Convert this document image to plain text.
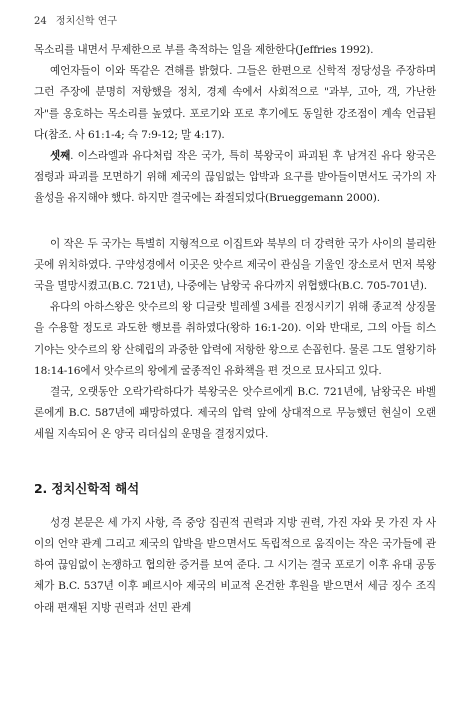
24 정치신학 연구

목소리를 내면서 무제한으로 부를 축적하는 일을 제한한다(Jeffries 1992).

예언자들이 이와 똑같은 견해를 밝혔다. 그들은 한편으로 신학적 정당성을 주장하며 그런 주장에 분명히 저항했을 정치, 경제 속에서 사회적으로 "과부, 고아, 객, 가난한 자"를 옹호하는 목소리를 높였다. 포로기와 포로 후기에도 동일한 강조점이 계속 언급된다(참조. 사 61:1-4; 슥 7:9-12; 말 4:17).

셋째. 이스라엘과 유다처럼 작은 국가, 특히 북왕국이 파괴된 후 남겨진 유다 왕국은 점령과 파괴를 모면하기 위해 제국의 끊임없는 압박과 요구를 받아들이면서도 국가의 자율성을 유지해야 했다. 하지만 결국에는 좌절되었다(Brueggemann 2000).

이 작은 두 국가는 특별히 지형적으로 이집트와 북부의 더 강력한 국가 사이의 불리한 곳에 위치하였다. 구약성경에서 이곳은 앗수르 제국이 관심을 기울인 장소로서 먼저 북왕국을 멸망시켰고(B.C. 721년), 나중에는 남왕국 유다까지 위협했다(B.C. 705-701년).

유다의 아하스왕은 앗수르의 왕 디글랏 빌레셀 3세를 진정시키기 위해 종교적 상징물을 수용할 정도로 과도한 행보를 취하였다(왕하 16:1-20). 이와 반대로, 그의 아들 히스기야는 앗수르의 왕 산헤립의 과중한 압력에 저항한 왕으로 손꼽힌다. 물론 그도 열왕기하 18:14-16에서 앗수르의 왕에게 굴종적인 유화책을 편 것으로 묘사되고 있다.

결국, 오랫동안 오락가락하다가 북왕국은 앗수르에게 B.C. 721년에, 남왕국은 바벨론에게 B.C. 587년에 패망하였다. 제국의 압력 앞에 상대적으로 무능했던 현실이 오랜 세월 지속되어 온 양국 리더십의 운명을 결정지었다.

2. 정치신학적 해석

성경 본문은 세 가지 사항, 즉 중앙 집권적 권력과 지방 권력, 가진 자와 못 가진 자 사이의 언약 관계 그리고 제국의 압박을 받으면서도 독립적으로 움직이는 작은 국가들에 관하여 끊임없이 논쟁하고 협의한 증거를 보여 준다. 그 시기는 결국 포로기 이후 유대 공동체가 B.C. 537년 이후 페르시아 제국의 비교적 온건한 후원을 받으면서 세금 징수 조직 아래 편재된 지방 권력과 선민 관계
